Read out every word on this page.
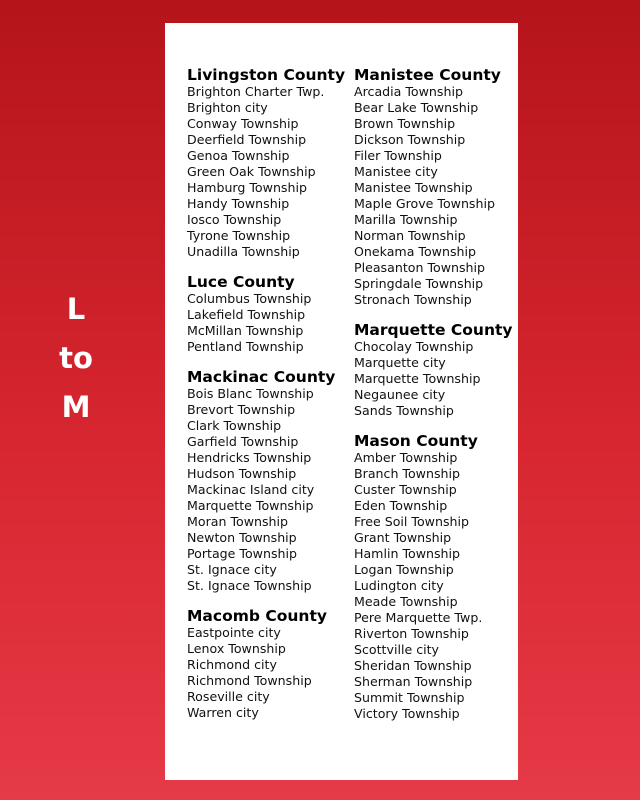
L
to
M
Livingston County
Brighton Charter Twp.
Brighton city
Conway Township
Deerfield Township
Genoa Township
Green Oak Township
Hamburg Township
Handy Township
Iosco Township
Tyrone Township
Unadilla Township
Luce County
Columbus Township
Lakefield Township
McMillan Township
Pentland Township
Mackinac County
Bois Blanc Township
Brevort Township
Clark Township
Garfield Township
Hendricks Township
Hudson Township
Mackinac Island city
Marquette Township
Moran Township
Newton Township
Portage Township
St. Ignace city
St. Ignace Township
Macomb County
Eastpointe city
Lenox Township
Richmond city
Richmond Township
Roseville city
Warren city
Manistee County
Arcadia Township
Bear Lake Township
Brown Township
Dickson Township
Filer Township
Manistee city
Manistee Township
Maple Grove Township
Marilla Township
Norman Township
Onekama Township
Pleasanton Township
Springdale Township
Stronach Township
Marquette County
Chocolay Township
Marquette city
Marquette Township
Negaunee city
Sands Township
Mason County
Amber Township
Branch Township
Custer Township
Eden Township
Free Soil Township
Grant Township
Hamlin Township
Logan Township
Ludington city
Meade Township
Pere Marquette Twp.
Riverton Township
Scottville city
Sheridan Township
Sherman Township
Summit Township
Victory Township
